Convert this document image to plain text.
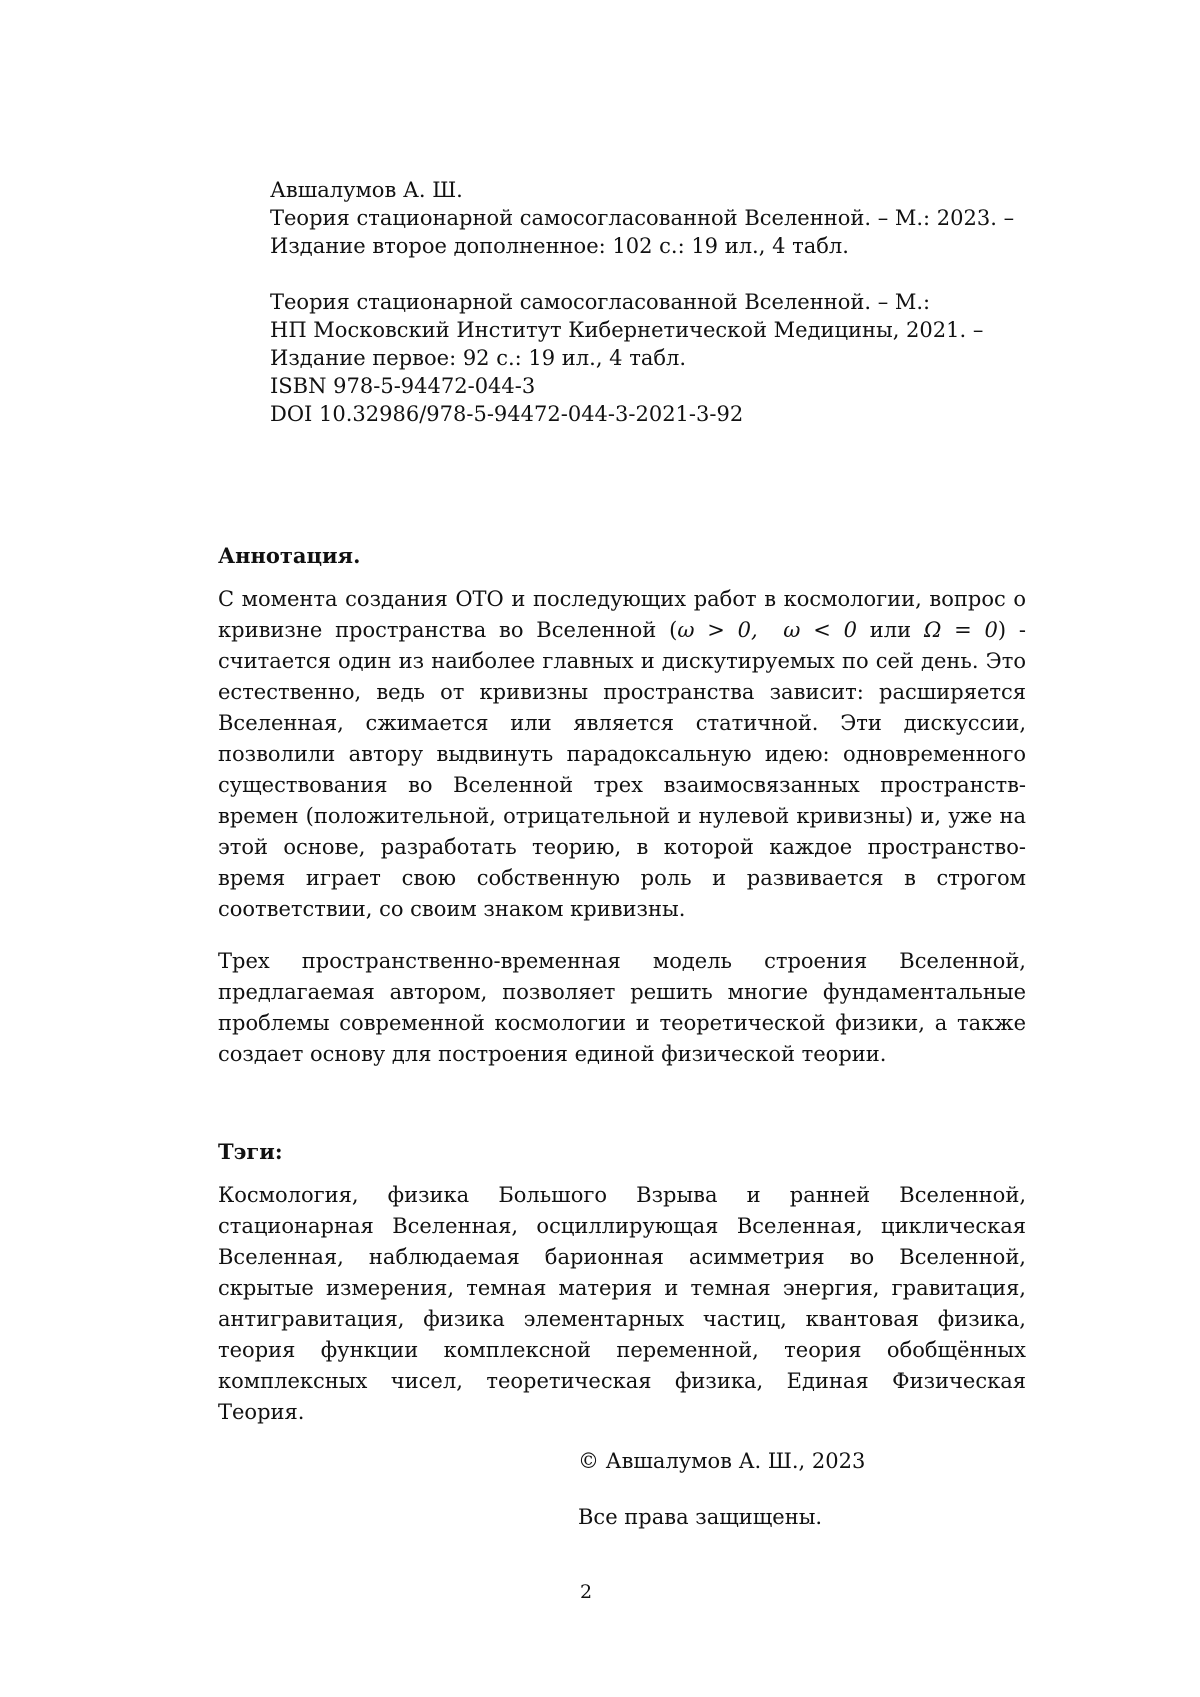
Авшалумов А. Ш.
Теория стационарной самосогласованной Вселенной. – М.: 2023. –
Издание второе дополненное: 102 с.: 19 ил., 4 табл.
Теория стационарной самосогласованной Вселенной. – М.:
НП Московский Институт Кибернетической Медицины, 2021. –
Издание первое: 92 с.: 19 ил., 4 табл.
ISBN 978-5-94472-044-3
DOI 10.32986/978-5-94472-044-3-2021-3-92
Аннотация.

С момента создания ОТО и последующих работ в космологии, вопрос о кривизне пространства во Вселенной (ω > 0, ω < 0 или Ω = 0) - считается один из наиболее главных и дискутируемых по сей день. Это естественно, ведь от кривизны пространства зависит: расширяется Вселенная, сжимается или является статичной. Эти дискуссии, позволили автору выдвинуть парадоксальную идею: одновременного существования во Вселенной трех взаимосвязанных пространств-времен (положительной, отрицательной и нулевой кривизны) и, уже на этой основе, разработать теорию, в которой каждое пространство-время играет свою собственную роль и развивается в строгом соответствии, со своим знаком кривизны.

Трех пространственно-временная модель строения Вселенной, предлагаемая автором, позволяет решить многие фундаментальные проблемы современной космологии и теоретической физики, а также создает основу для построения единой физической теории.

Тэги:

Космология, физика Большого Взрыва и ранней Вселенной, стационарная Вселенная, осциллирующая Вселенная, циклическая Вселенная, наблюдаемая барионная асимметрия во Вселенной, скрытые измерения, темная материя и темная энергия, гравитация, антигравитация, физика элементарных частиц, квантовая физика, теория функции комплексной переменной, теория обобщённых комплексных чисел, теоретическая физика, Единая Физическая Теория.

© Авшалумов А. Ш., 2023
Все права защищены.
2
